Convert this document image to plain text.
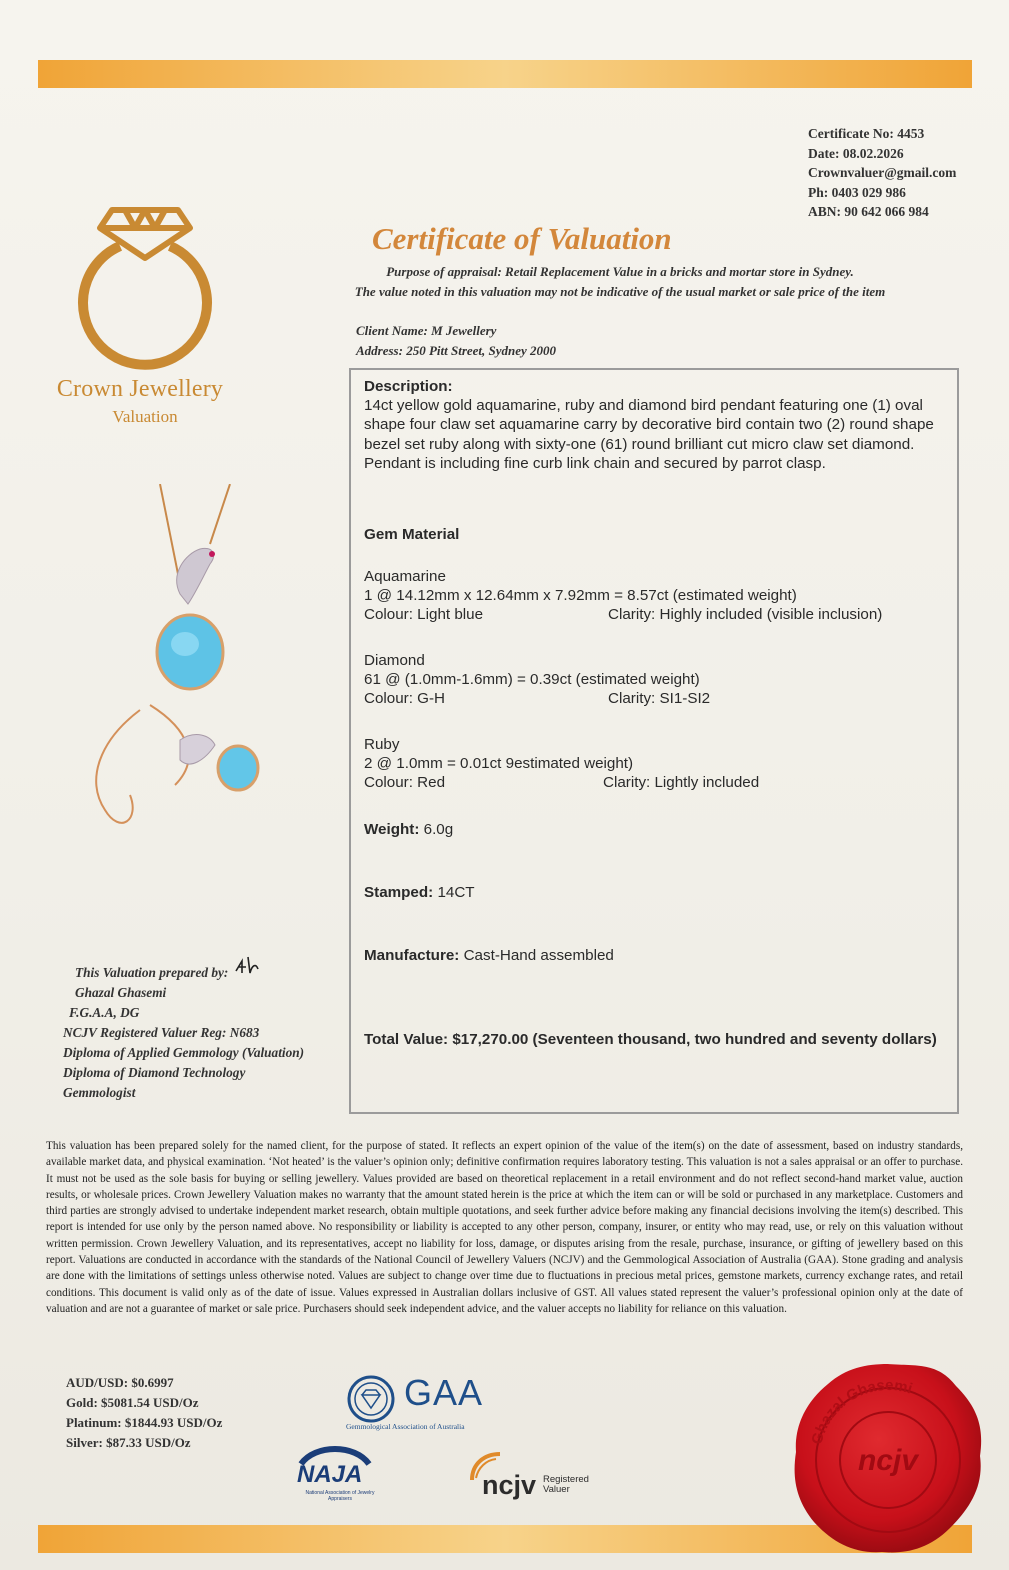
Certificate No: 4453
Date: 08.02.2026
Crownvaluer@gmail.com
Ph: 0403 029 986
ABN: 90 642 066 984
Crown Jewellery
Valuation
Certificate of Valuation
Purpose of appraisal: Retail Replacement Value in a bricks and mortar store in Sydney.
The value noted in this valuation may not be indicative of the usual market or sale price of the item
Client Name: M Jewellery
Address: 250 Pitt Street, Sydney 2000
Description:

14ct yellow gold aquamarine, ruby and diamond bird pendant featuring one (1) oval shape four claw set aquamarine carry by decorative bird contain two (2) round shape bezel set ruby along with sixty-one (61) round brilliant cut micro claw set diamond. Pendant is including fine curb link chain and secured by parrot clasp.

Gem Material
Aquamarine
1 @ 14.12mm x 12.64mm x 7.92mm = 8.57ct (estimated weight)
Colour: Light blue	Clarity: Highly included (visible inclusion)
Diamond
61 @ (1.0mm-1.6mm) = 0.39ct (estimated weight)
Colour: G-H	Clarity: SI1-SI2
Ruby
2 @ 1.0mm = 0.01ct 9estimated weight)
Colour: Red	Clarity: Lightly included
Weight: 6.0g
Stamped: 14CT
Manufacture: Cast-Hand assembled
Total Value: $17,270.00 (Seventeen thousand, two hundred and seventy dollars)
This Valuation prepared by:
Ghazal Ghasemi
F.G.A.A, DG
NCJV Registered Valuer Reg: N683
Diploma of Applied Gemmology (Valuation)
Diploma of Diamond Technology
Gemmologist
This valuation has been prepared solely for the named client, for the purpose of stated. It reflects an expert opinion of the value of the item(s) on the date of assessment, based on industry standards, available market data, and physical examination. ‘Not heated’ is the valuer’s opinion only; definitive confirmation requires laboratory testing. This valuation is not a sales appraisal or an offer to purchase. It must not be used as the sole basis for buying or selling jewellery. Values provided are based on theoretical replacement in a retail environment and do not reflect second-hand market value, auction results, or wholesale prices. Crown Jewellery Valuation makes no warranty that the amount stated herein is the price at which the item can or will be sold or purchased in any marketplace. Customers and third parties are strongly advised to undertake independent market research, obtain multiple quotations, and seek further advice before making any financial decisions involving the item(s) described. This report is intended for use only by the person named above. No responsibility or liability is accepted to any other person, company, insurer, or entity who may read, use, or rely on this valuation without written permission. Crown Jewellery Valuation, and its representatives, accept no liability for loss, damage, or disputes arising from the resale, purchase, insurance, or gifting of jewellery based on this report. Valuations are conducted in accordance with the standards of the National Council of Jewellery Valuers (NCJV) and the Gemmological Association of Australia (GAA). Stone grading and analysis are done with the limitations of settings unless otherwise noted. Values are subject to change over time due to fluctuations in precious metal prices, gemstone markets, currency exchange rates, and retail conditions. This document is valid only as of the date of issue. Values expressed in Australian dollars inclusive of GST. All values stated represent the valuer’s professional opinion only at the date of valuation and are not a guarantee of market or sale price. Purchasers should seek independent advice, and the valuer accepts no liability for reliance on this valuation.
AUD/USD: $0.6997
Gold: $5081.54 USD/Oz
Platinum: $1844.93 USD/Oz
Silver: $87.33 USD/Oz
GAA
Gemmological Association of Australia
NAJA
National Association of Jewelry Appraisers	ncjv Registered
Valuer
Ghazal Ghasemi
ncjv
